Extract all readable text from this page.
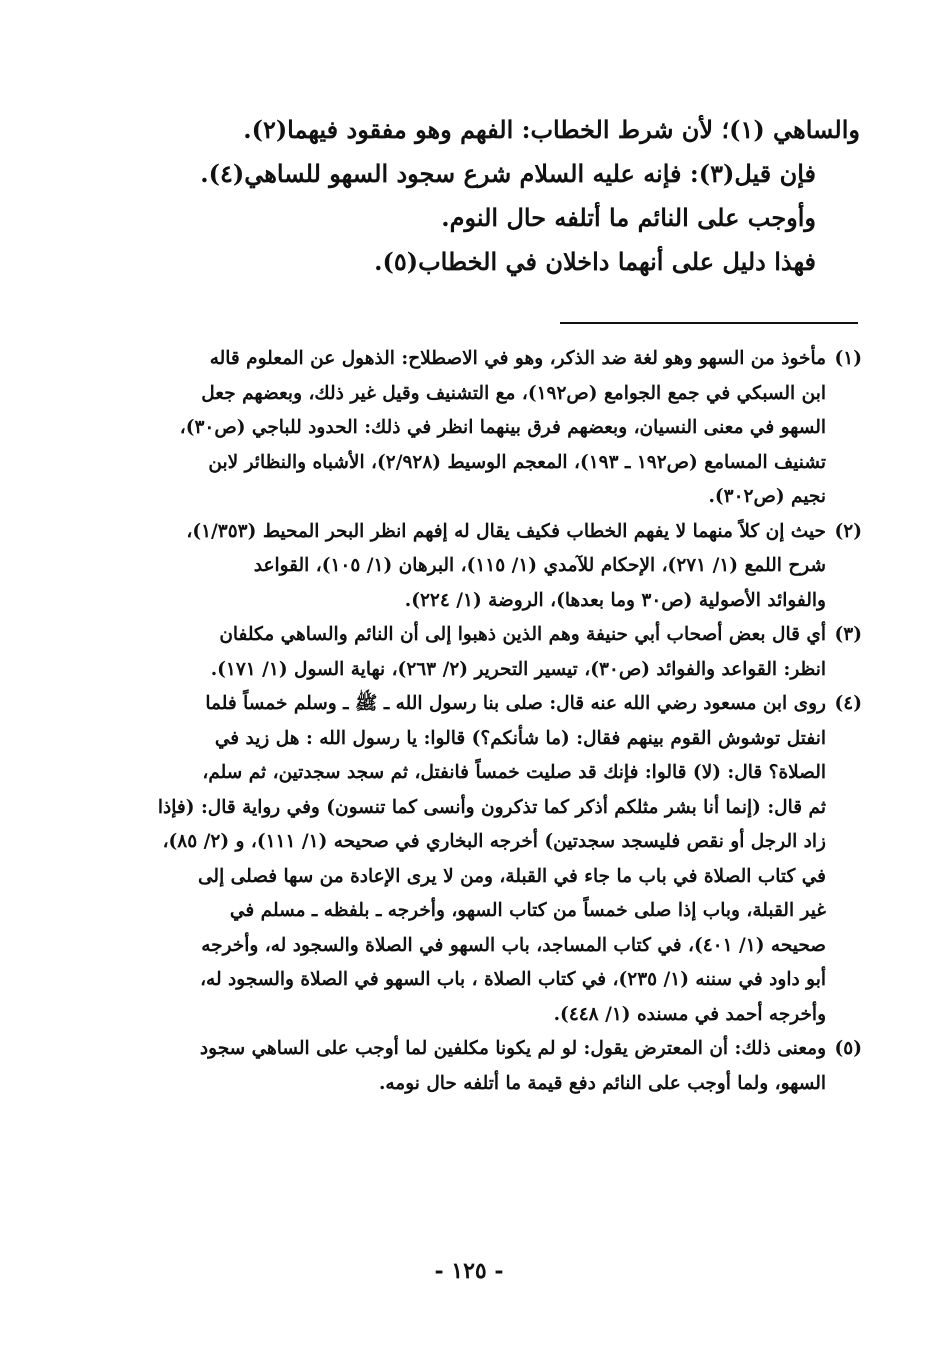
والساهي (١)؛ لأن شرط الخطاب: الفهم وهو مفقود فيهما(٢).
فإن قيل(٣): فإنه عليه السلام شرع سجود السهو للساهي(٤).
وأوجب على النائم ما أتلفه حال النوم.
فهذا دليل على أنهما داخلان في الخطاب(٥).
(١)
مأخوذ من السهو وهو لغة ضد الذكر، وهو في الاصطلاح: الذهول عن المعلوم قاله
ابن السبكي في جمع الجوامع (ص١٩٢)، مع التشنيف وقيل غير ذلك، وبعضهم جعل
السهو في معنى النسيان، وبعضهم فرق بينهما انظر في ذلك: الحدود للباجي (ص٣٠)،
تشنيف المسامع (ص١٩٢ ـ ١٩٣)، المعجم الوسيط (٢/٩٢٨)، الأشباه والنظائر لابن
نجيم (ص٣٠٢).
(٢)
حيث إن كلاً منهما لا يفهم الخطاب فكيف يقال له إفهم انظر البحر المحيط (١/٣٥٣)،
شرح اللمع (١/ ٢٧١)، الإحكام للآمدي (١/ ١١٥)، البرهان (١/ ١٠٥)، القواعد
والفوائد الأصولية (ص٣٠ وما بعدها)، الروضة (١/ ٢٢٤).
(٣)
أي قال بعض أصحاب أبي حنيفة وهم الذين ذهبوا إلى أن النائم والساهي مكلفان
انظر: القواعد والفوائد (ص٣٠)، تيسير التحرير (٢/ ٢٦٣)، نهاية السول (١/ ١٧١).
(٤)
روى ابن مسعود رضي الله عنه قال: صلى بنا رسول الله ـ ﷺ ـ وسلم خمساً فلما
انفتل توشوش القوم بينهم فقال: (ما شأنكم؟) قالوا: يا رسول الله : هل زيد في
الصلاة؟ قال: (لا) قالوا: فإنك قد صليت خمساً فانفتل، ثم سجد سجدتين، ثم سلم،
ثم قال: (إنما أنا بشر مثلكم أذكر كما تذكرون وأنسى كما تنسون) وفي رواية قال: (فإذا
زاد الرجل أو نقص فليسجد سجدتين) أخرجه البخاري في صحيحه (١/ ١١١)، و (٢/ ٨٥)،
في كتاب الصلاة في باب ما جاء في القبلة، ومن لا يرى الإعادة من سها فصلى إلى
غير القبلة، وباب إذا صلى خمساً من كتاب السهو، وأخرجه ـ بلفظه ـ مسلم في
صحيحه (١/ ٤٠١)، في كتاب المساجد، باب السهو في الصلاة والسجود له، وأخرجه
أبو داود في سننه (١/ ٢٣٥)، في كتاب الصلاة ، باب السهو في الصلاة والسجود له،
وأخرجه أحمد في مسنده (١/ ٤٤٨).
(٥)
ومعنى ذلك: أن المعترض يقول: لو لم يكونا مكلفين لما أوجب على الساهي سجود
السهو، ولما أوجب على النائم دفع قيمة ما أتلفه حال نومه.
- ١٢٥ -
